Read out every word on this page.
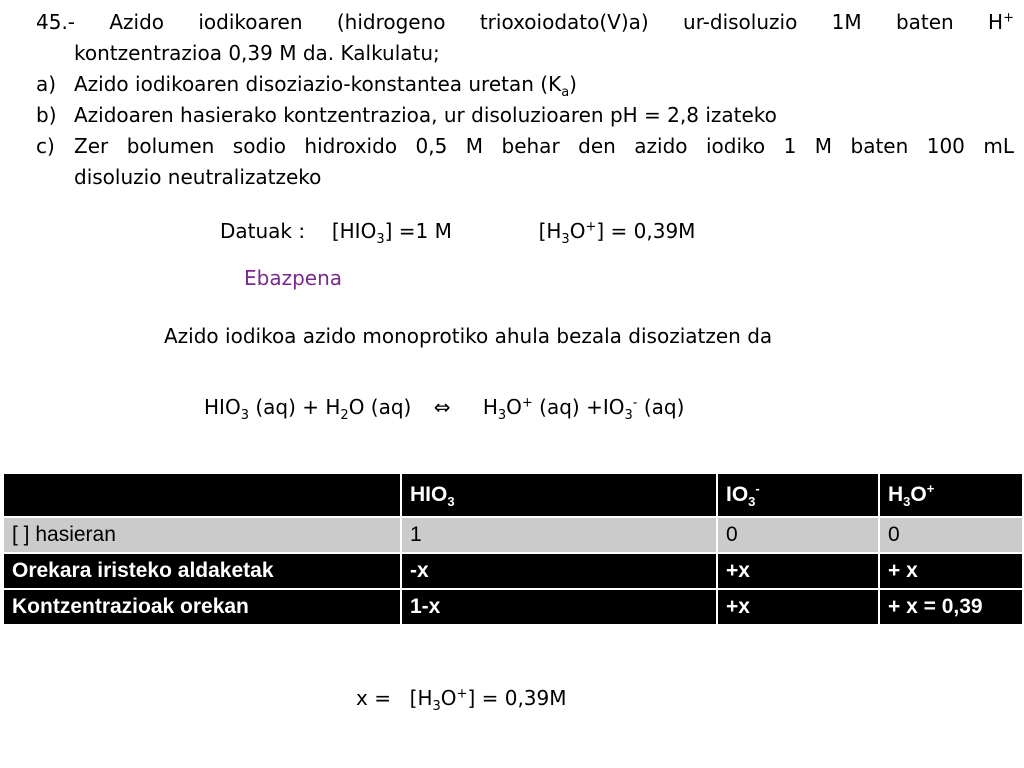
45.- Azido iodikoaren (hidrogeno trioxoiodato(V)a) ur-disoluzio 1M baten H+
kontzentrazioa 0,39 M da. Kalkulatu;
a) Azido iodikoaren disoziazio-konstantea uretan $(K_a)$
b) Azidoaren hasierako kontzentrazioa, ur disoluzioaren pH = 2,8 izateko
c) Zer bolumen sodio hidroxido 0,5 M behar den azido iodiko 1 M baten 100 mL
disoluzio neutralizatzeko
Datuak : $[HIO_3] =1$ M	$[H_3O^+] = 0,39M$
Ebazpena
Azido iodikoa azido monoprotiko ahula bezala disoziatzen da
$HIO_3$ $(aq) + H_2O$ (aq) ⇔ $H_3O^+$ $(aq) +IO_3^-$ (aq)
	$HIO_3$	$IO_3^-$	$H_3O^+$
[ ] hasieran	1	0	0
Orekara iristeko aldaketak	-x	+x	+ x
Kontzentrazioak orekan	1-x	+x	+ x = 0,39
$x = [H_3O^+] = 0,39M$
